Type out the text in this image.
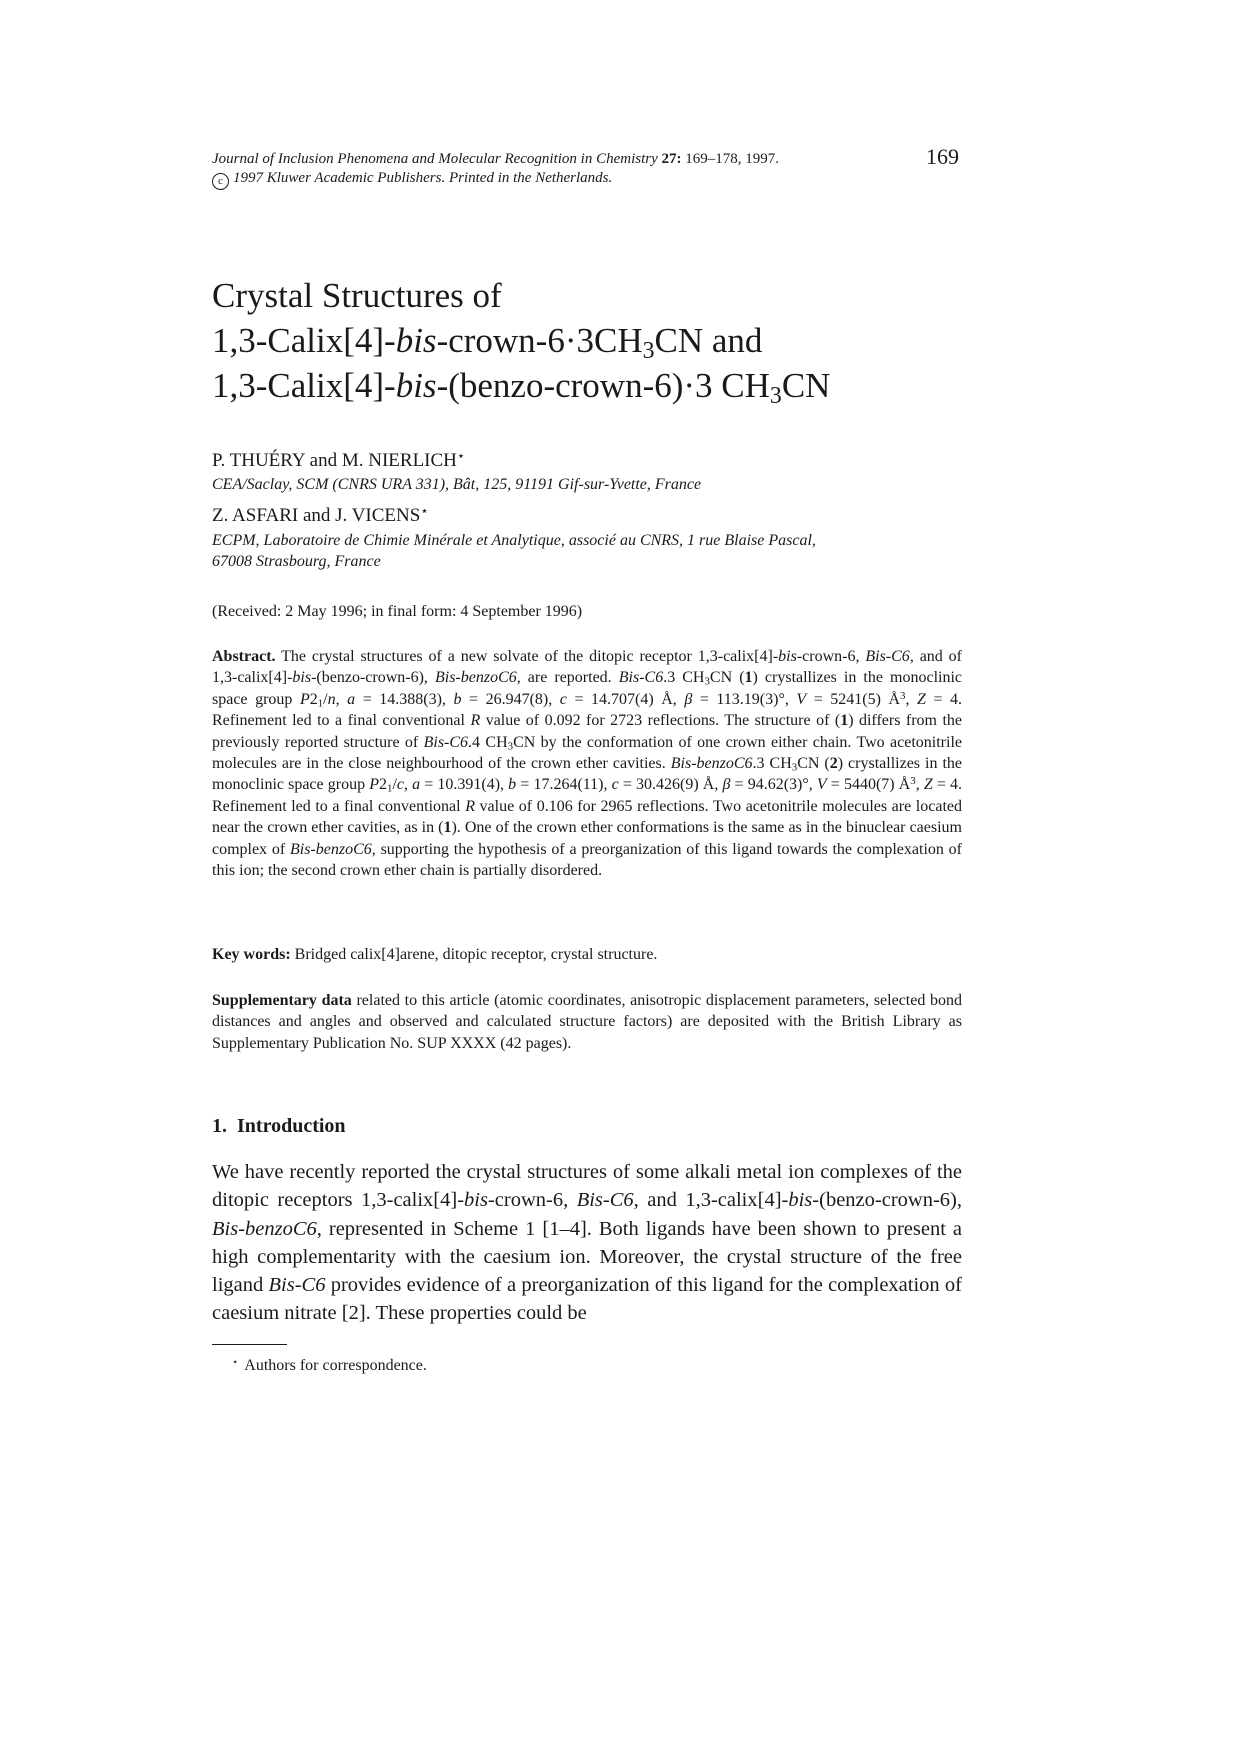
Journal of Inclusion Phenomena and Molecular Recognition in Chemistry 27: 169–178, 1997.
c 1997 Kluwer Academic Publishers. Printed in the Netherlands.
169
Crystal Structures of
$1,3-Calix[4]-bis-crown-6\cdot 3CH_3CN$ and
1,3-Calix[4]-bis-(benzo-crown-6)·3 $CH_3CN$
P. THUÉRY and M. NIERLICH⋆
CEA/Saclay, SCM (CNRS URA 331), Bât, 125, 91191 Gif-sur-Yvette, France
Z. ASFARI and J. VICENS⋆
ECPM, Laboratoire de Chimie Minérale et Analytique, associé au CNRS, 1 rue Blaise Pascal,
67008 Strasbourg, France
(Received: 2 May 1996; in final form: 4 September 1996)
Abstract. The crystal structures of a new solvate of the ditopic receptor 1,3-calix[4]-bis-crown-6, Bis-C6, and of 1,3-calix[4]-bis-(benzo-crown-6), Bis-benzoC6, are reported. Bis-C6.3 $CH_3CN$ (1) crystallizes in the monoclinic space group $P2_1/n$, a = 14.388(3), b = 26.947(8), c = 14.707(4) Å, β = 113.19(3)°, V = 5241(5) $Å^3$, Z = 4. Refinement led to a final conventional R value of 0.092 for 2723 reflections. The structure of (1) differs from the previously reported structure of Bis-C6.4 $CH_3CN$ by the conformation of one crown either chain. Two acetonitrile molecules are in the close neighbourhood of the crown ether cavities. Bis-benzoC6.3 $CH_3CN$ (2) crystallizes in the monoclinic space group $P2_1/c$, a = 10.391(4), b = 17.264(11), c = 30.426(9) Å, β = 94.62(3)°, V = 5440(7) $Å^3$, Z = 4. Refinement led to a final conventional R value of 0.106 for 2965 reflections. Two acetonitrile molecules are located near the crown ether cavities, as in (1). One of the crown ether conformations is the same as in the binuclear caesium complex of Bis-benzoC6, supporting the hypothesis of a preorganization of this ligand towards the complexation of this ion; the second crown ether chain is partially disordered.
Key words: Bridged calix[4]arene, ditopic receptor, crystal structure.
Supplementary data related to this article (atomic coordinates, anisotropic displacement parameters, selected bond distances and angles and observed and calculated structure factors) are deposited with the British Library as Supplementary Publication No. SUP XXXX (42 pages).
1. Introduction
We have recently reported the crystal structures of some alkali metal ion complexes of the ditopic receptors 1,3-calix[4]-bis-crown-6, Bis-C6, and 1,3-calix[4]-bis-(benzo-crown-6), Bis-benzoC6, represented in Scheme 1 [1–4]. Both ligands have been shown to present a high complementarity with the caesium ion. Moreover, the crystal structure of the free ligand Bis-C6 provides evidence of a preorganization of this ligand for the complexation of caesium nitrate [2]. These properties could be
⋆ Authors for correspondence.
